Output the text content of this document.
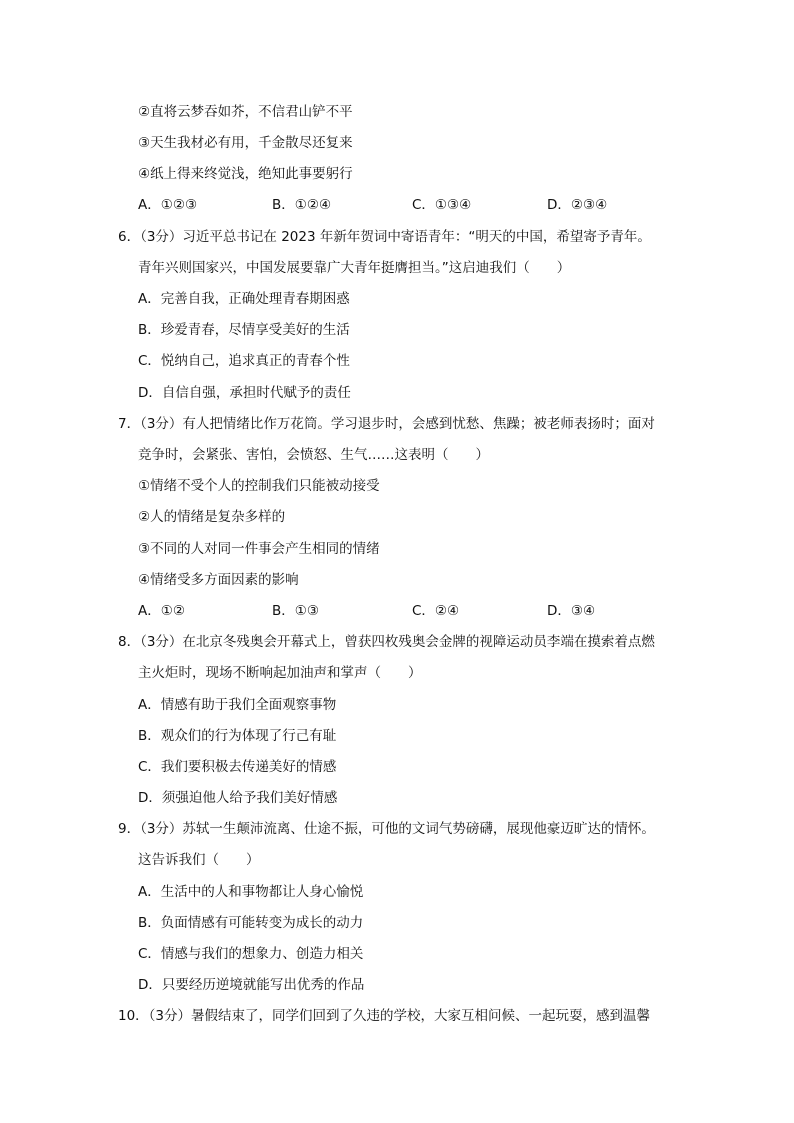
②直将云梦吞如芥，不信君山铲不平
③天生我材必有用，千金散尽还复来
④纸上得来终觉浅，绝知此事要躬行
A．①②③	B．①②④	C．①③④	D．②③④
6．（3分）习近平总书记在 2023 年新年贺词中寄语青年：“明天的中国，希望寄予青年。
青年兴则国家兴，中国发展要靠广大青年挺膺担当。”这启迪我们（　　）
A．完善自我，正确处理青春期困惑
B．珍爱青春，尽情享受美好的生活
C．悦纳自己，追求真正的青春个性
D．自信自强，承担时代赋予的责任
7．（3分）有人把情绪比作万花筒。学习退步时，会感到忧愁、焦躁；被老师表扬时；面对
竞争时，会紧张、害怕，会愤怒、生气……这表明（　　）
①情绪不受个人的控制我们只能被动接受
②人的情绪是复杂多样的
③不同的人对同一件事会产生相同的情绪
④情绪受多方面因素的影响
A．①②	B．①③	C．②④	D．③④
8．（3分）在北京冬残奥会开幕式上，曾获四枚残奥会金牌的视障运动员李端在摸索着点燃
主火炬时，现场不断响起加油声和掌声（　　）
A．情感有助于我们全面观察事物
B．观众们的行为体现了行己有耻
C．我们要积极去传递美好的情感
D．须强迫他人给予我们美好情感
9．（3分）苏轼一生颠沛流离、仕途不振，可他的文词气势磅礴，展现他豪迈旷达的情怀。
这告诉我们（　　）
A．生活中的人和事物都让人身心愉悦
B．负面情感有可能转变为成长的动力
C．情感与我们的想象力、创造力相关
D．只要经历逆境就能写出优秀的作品
10．（3分）暑假结束了，同学们回到了久违的学校，大家互相问候、一起玩耍，感到温馨
